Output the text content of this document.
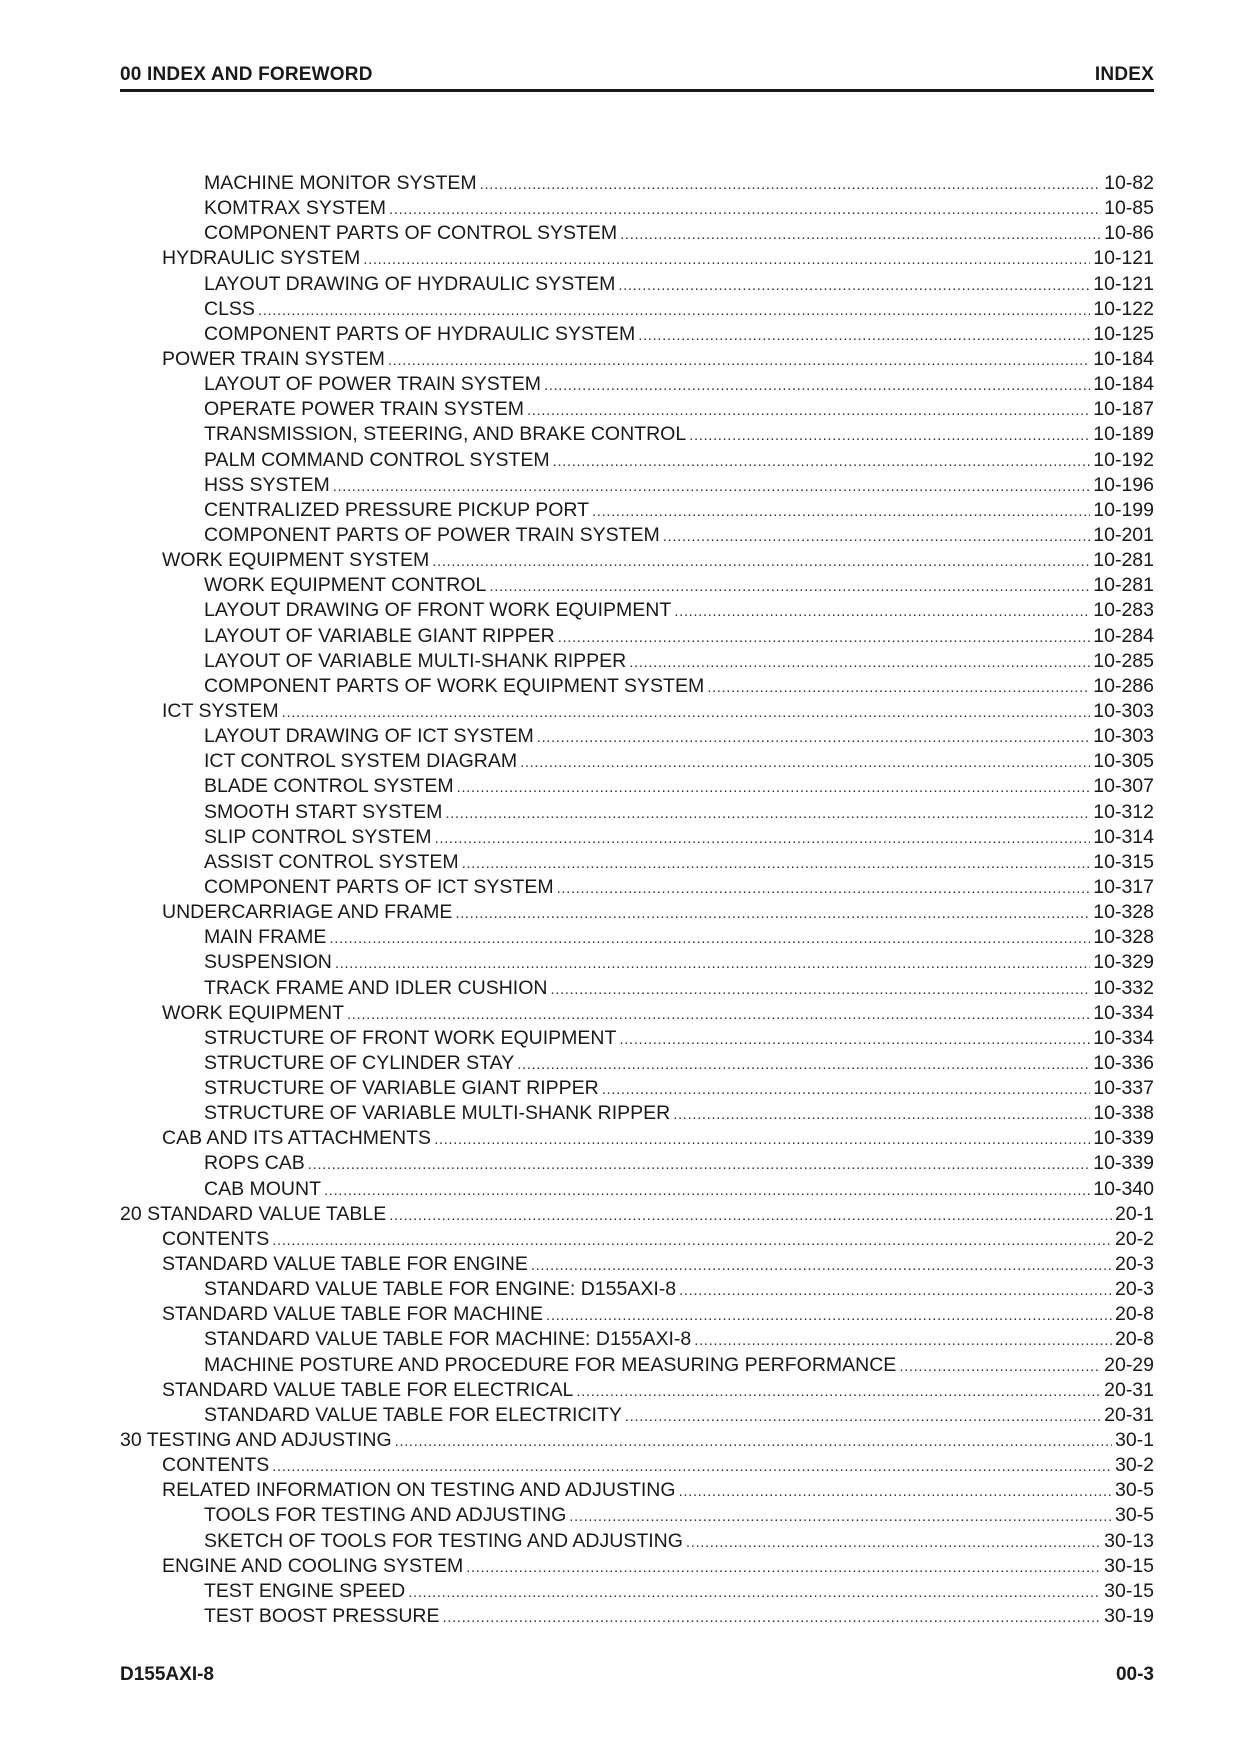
00 INDEX AND FOREWORD	INDEX
MACHINE MONITOR SYSTEM .....	10-82
KOMTRAX SYSTEM .....	10-85
COMPONENT PARTS OF CONTROL SYSTEM .....	10-86
HYDRAULIC SYSTEM .....	10-121
LAYOUT DRAWING OF HYDRAULIC SYSTEM .....	10-121
CLSS .....	10-122
COMPONENT PARTS OF HYDRAULIC SYSTEM .....	10-125
POWER TRAIN SYSTEM .....	10-184
LAYOUT OF POWER TRAIN SYSTEM .....	10-184
OPERATE POWER TRAIN SYSTEM .....	10-187
TRANSMISSION, STEERING, AND BRAKE CONTROL .....	10-189
PALM COMMAND CONTROL SYSTEM .....	10-192
HSS SYSTEM .....	10-196
CENTRALIZED PRESSURE PICKUP PORT .....	10-199
COMPONENT PARTS OF POWER TRAIN SYSTEM .....	10-201
WORK EQUIPMENT SYSTEM .....	10-281
WORK EQUIPMENT CONTROL .....	10-281
LAYOUT DRAWING OF FRONT WORK EQUIPMENT .....	10-283
LAYOUT OF VARIABLE GIANT RIPPER .....	10-284
LAYOUT OF VARIABLE MULTI-SHANK RIPPER .....	10-285
COMPONENT PARTS OF WORK EQUIPMENT SYSTEM .....	10-286
ICT SYSTEM .....	10-303
LAYOUT DRAWING OF ICT SYSTEM .....	10-303
ICT CONTROL SYSTEM DIAGRAM .....	10-305
BLADE CONTROL SYSTEM .....	10-307
SMOOTH START SYSTEM .....	10-312
SLIP CONTROL SYSTEM .....	10-314
ASSIST CONTROL SYSTEM .....	10-315
COMPONENT PARTS OF ICT SYSTEM .....	10-317
UNDERCARRIAGE AND FRAME .....	10-328
MAIN FRAME .....	10-328
SUSPENSION .....	10-329
TRACK FRAME AND IDLER CUSHION .....	10-332
WORK EQUIPMENT .....	10-334
STRUCTURE OF FRONT WORK EQUIPMENT .....	10-334
STRUCTURE OF CYLINDER STAY .....	10-336
STRUCTURE OF VARIABLE GIANT RIPPER .....	10-337
STRUCTURE OF VARIABLE MULTI-SHANK RIPPER .....	10-338
CAB AND ITS ATTACHMENTS .....	10-339
ROPS CAB .....	10-339
CAB MOUNT .....	10-340
20 STANDARD VALUE TABLE .....	20-1
CONTENTS .....	20-2
STANDARD VALUE TABLE FOR ENGINE .....	20-3
STANDARD VALUE TABLE FOR ENGINE: D155AXI-8 .....	20-3
STANDARD VALUE TABLE FOR MACHINE .....	20-8
STANDARD VALUE TABLE FOR MACHINE: D155AXI-8 .....	20-8
MACHINE POSTURE AND PROCEDURE FOR MEASURING PERFORMANCE .....	20-29
STANDARD VALUE TABLE FOR ELECTRICAL .....	20-31
STANDARD VALUE TABLE FOR ELECTRICITY .....	20-31
30 TESTING AND ADJUSTING .....	30-1
CONTENTS .....	30-2
RELATED INFORMATION ON TESTING AND ADJUSTING .....	30-5
TOOLS FOR TESTING AND ADJUSTING .....	30-5
SKETCH OF TOOLS FOR TESTING AND ADJUSTING .....	30-13
ENGINE AND COOLING SYSTEM .....	30-15
TEST ENGINE SPEED .....	30-15
TEST BOOST PRESSURE .....	30-19
D155AXI-8	00-3
